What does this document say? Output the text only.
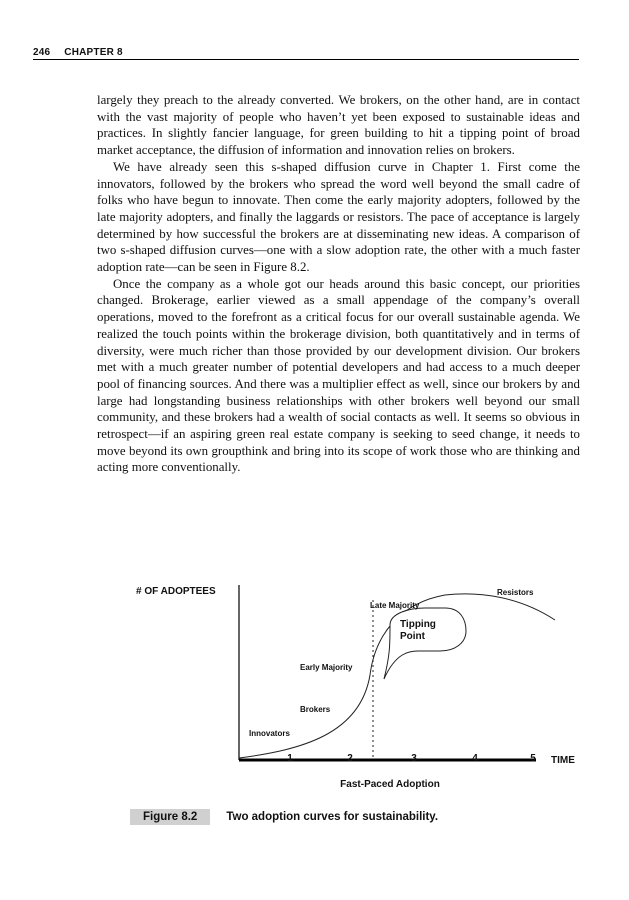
246 CHAPTER 8

largely they preach to the already converted. We brokers, on the other hand, are in contact with the vast majority of people who haven’t yet been exposed to sustainable ideas and practices. In slightly fancier language, for green building to hit a tipping point of broad market acceptance, the diffusion of information and innovation relies on brokers.

We have already seen this s-shaped diffusion curve in Chapter 1. First come the innovators, followed by the brokers who spread the word well beyond the small cadre of folks who have begun to innovate. Then come the early majority adopters, followed by the late majority adopters, and finally the laggards or resistors. The pace of acceptance is largely determined by how successful the brokers are at disseminating new ideas. A comparison of two s-shaped diffusion curves—one with a slow adoption rate, the other with a much faster adoption rate—can be seen in Figure 8.2.

Once the company as a whole got our heads around this basic concept, our priorities changed. Brokerage, earlier viewed as a small appendage of the company’s overall operations, moved to the forefront as a critical focus for our overall sustainable agenda. We realized the touch points within the brokerage division, both quantitatively and in terms of diversity, were much richer than those provided by our development division. Our brokers met with a much greater number of potential developers and had access to a much deeper pool of financing sources. And there was a multiplier effect as well, since our brokers by and large had longstanding business relationships with other brokers well beyond our small community, and these brokers had a wealth of social contacts as well. It seems so obvious in retrospect—if an aspiring green real estate company is seeking to seed change, it needs to move beyond its own groupthink and bring into its scope of work those who are thinking and acting more conventionally.

# OF ADOPTEES
TIME
1	2	3	4	5
Fast-Paced Adoption
Tipping
Point
Innovators
Brokers
Early Majority
Late Majority
Resistors
Figure 8.2	Two adoption curves for sustainability.
